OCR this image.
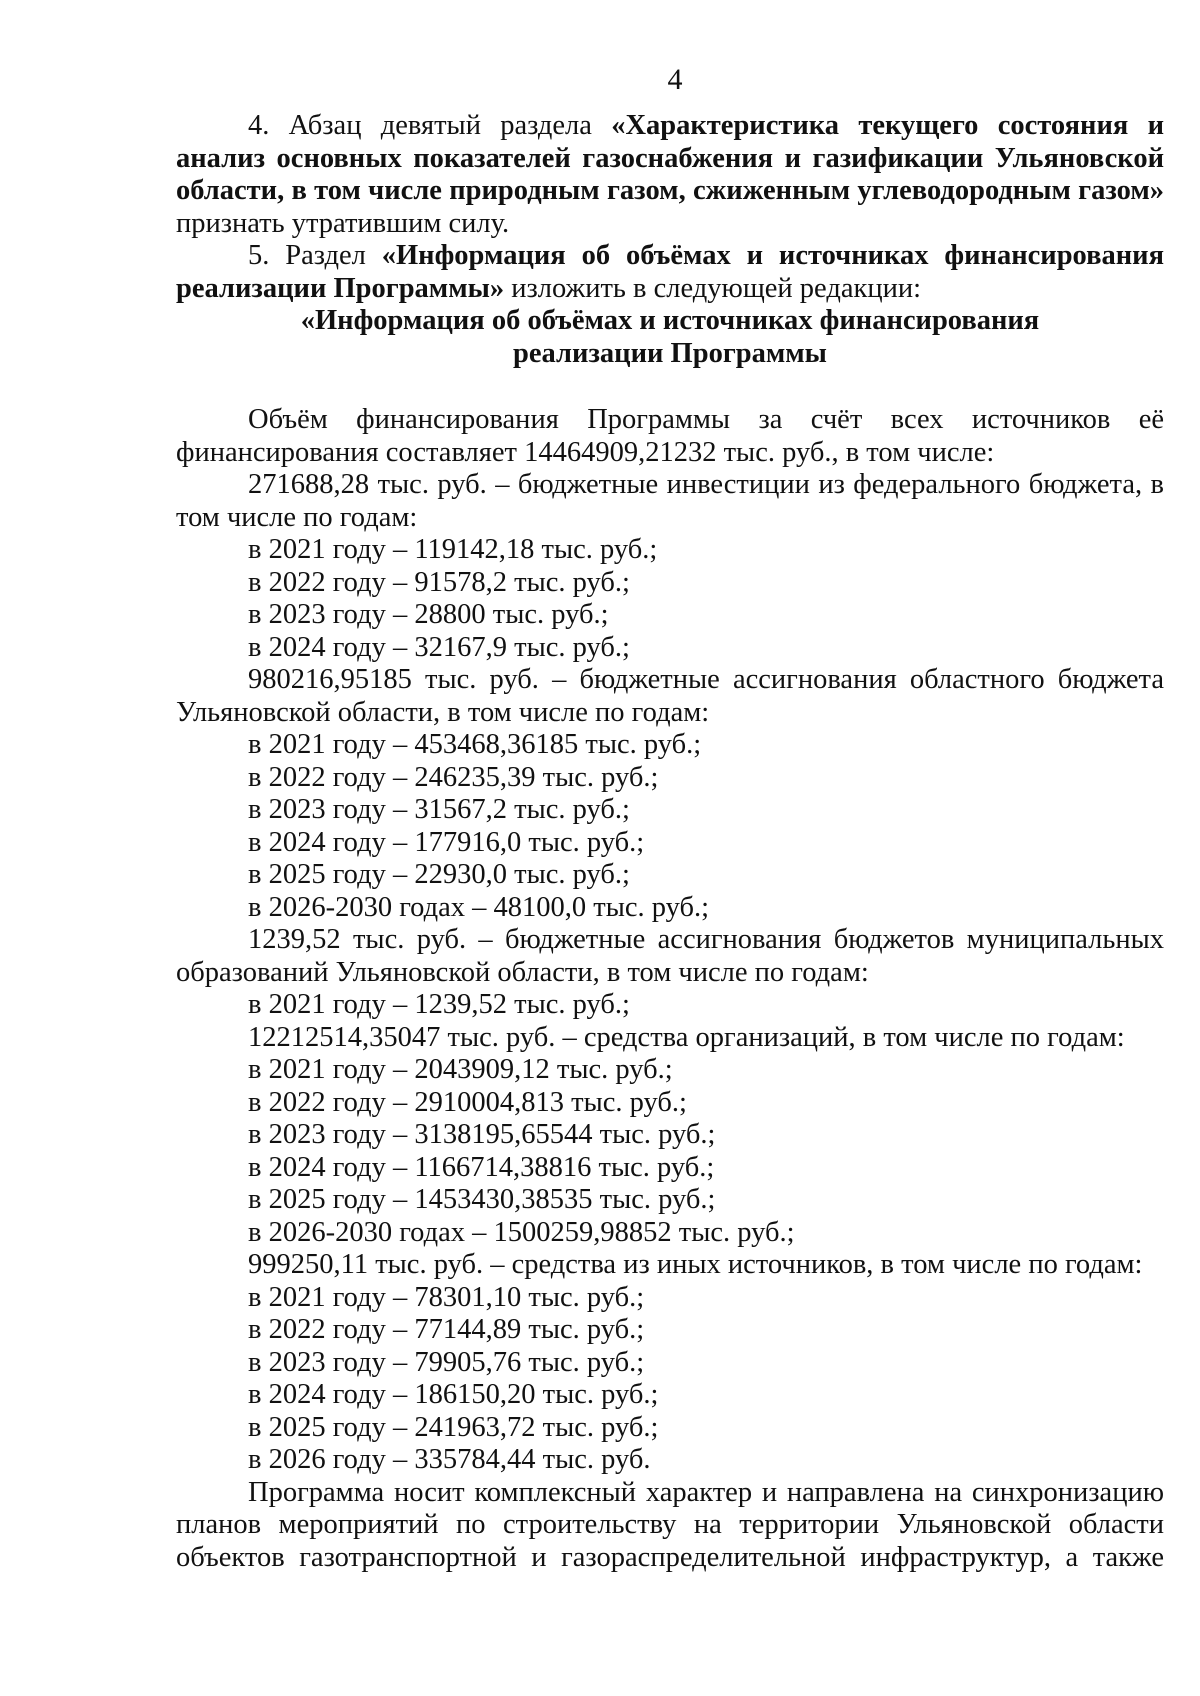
4

4. Абзац девятый раздела «Характеристика текущего состояния и анализ основных показателей газоснабжения и газификации Ульяновской области, в том числе природным газом, сжиженным углеводородным газом» признать утратившим силу.

5. Раздел «Информация об объёмах и источниках финансирования реализации Программы» изложить в следующей редакции:

«Информация об объёмах и источниках финансирования

реализации Программы

Объём финансирования Программы за счёт всех источников её финансирования составляет 14464909,21232 тыс. руб., в том числе:

271688,28 тыс. руб. – бюджетные инвестиции из федерального бюджета, в том числе по годам:

в 2021 году – 119142,18 тыс. руб.;

в 2022 году – 91578,2 тыс. руб.;

в 2023 году – 28800 тыс. руб.;

в 2024 году – 32167,9 тыс. руб.;

980216,95185 тыс. руб. – бюджетные ассигнования областного бюджета Ульяновской области, в том числе по годам:

в 2021 году – 453468,36185 тыс. руб.;

в 2022 году – 246235,39 тыс. руб.;

в 2023 году – 31567,2 тыс. руб.;

в 2024 году – 177916,0 тыс. руб.;

в 2025 году – 22930,0 тыс. руб.;

в 2026-2030 годах – 48100,0 тыс. руб.;

1239,52 тыс. руб. – бюджетные ассигнования бюджетов муниципальных образований Ульяновской области, в том числе по годам:

в 2021 году – 1239,52 тыс. руб.;

12212514,35047 тыс. руб. – средства организаций, в том числе по годам:

в 2021 году – 2043909,12 тыс. руб.;

в 2022 году – 2910004,813 тыс. руб.;

в 2023 году – 3138195,65544 тыс. руб.;

в 2024 году – 1166714,38816 тыс. руб.;

в 2025 году – 1453430,38535 тыс. руб.;

в 2026-2030 годах – 1500259,98852 тыс. руб.;

999250,11 тыс. руб. – средства из иных источников, в том числе по годам:

в 2021 году – 78301,10 тыс. руб.;

в 2022 году – 77144,89 тыс. руб.;

в 2023 году – 79905,76 тыс. руб.;

в 2024 году – 186150,20 тыс. руб.;

в 2025 году – 241963,72 тыс. руб.;

в 2026 году – 335784,44 тыс. руб.

Программа носит комплексный характер и направлена на синхронизацию планов мероприятий по строительству на территории Ульяновской области объектов газотранспортной и газораспределительной инфраструктур, а также
